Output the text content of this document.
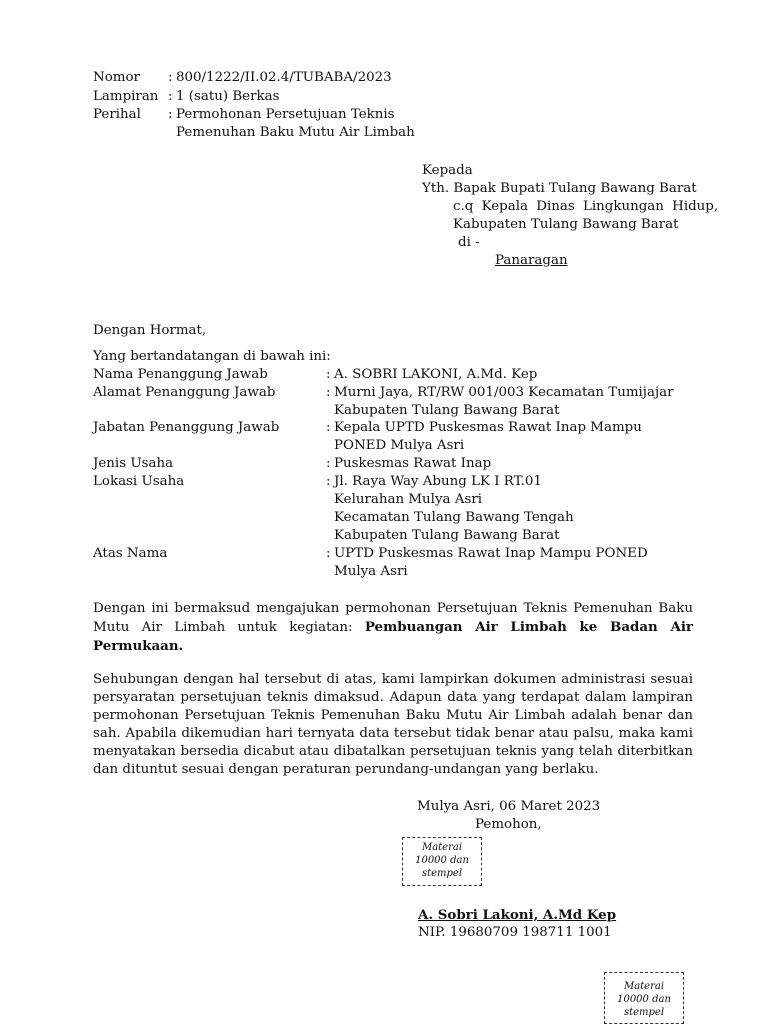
Nomor : 800/1222/II.02.4/TUBABA/2023
Lampiran : 1 (satu) Berkas
Perihal : Permohonan Persetujuan Teknis
Pemenuhan Baku Mutu Air Limbah
Kepada
Yth. Bapak Bupati Tulang Bawang Barat
c.q Kepala Dinas Lingkungan Hidup,
Kabupaten Tulang Bawang Barat
di -
Panaragan
Dengan Hormat,
Yang bertandatangan di bawah ini:
Nama Penanggung Jawab	: A. SOBRI LAKONI, A.Md. Kep
Alamat Penanggung Jawab	: Murni Jaya, RT/RW 001/003 Kecamatan Tumijajar
Kabupaten Tulang Bawang Barat
Jabatan Penanggung Jawab	: Kepala UPTD Puskesmas Rawat Inap Mampu
PONED Mulya Asri
Jenis Usaha	: Puskesmas Rawat Inap
Lokasi Usaha	: Jl. Raya Way Abung LK I RT.01
Kelurahan Mulya Asri
Kecamatan Tulang Bawang Tengah
Kabupaten Tulang Bawang Barat
Atas Nama	: UPTD Puskesmas Rawat Inap Mampu PONED
Mulya Asri
Dengan ini bermaksud mengajukan permohonan Persetujuan Teknis Pemenuhan Baku Mutu Air Limbah untuk kegiatan: Pembuangan Air Limbah ke Badan Air Permukaan.
Sehubungan dengan hal tersebut di atas, kami lampirkan dokumen administrasi sesuai persyaratan persetujuan teknis dimaksud. Adapun data yang terdapat dalam lampiran permohonan Persetujuan Teknis Pemenuhan Baku Mutu Air Limbah adalah benar dan sah. Apabila dikemudian hari ternyata data tersebut tidak benar atau palsu, maka kami menyatakan bersedia dicabut atau dibatalkan persetujuan teknis yang telah diterbitkan dan dituntut sesuai dengan peraturan perundang-undangan yang berlaku.
Mulya Asri, 06 Maret 2023
Pemohon,
Materai 10000 dan stempel
A. Sobri Lakoni, A.Md Kep
NIP. 19680709 198711 1001
Materai 10000 dan stempel
